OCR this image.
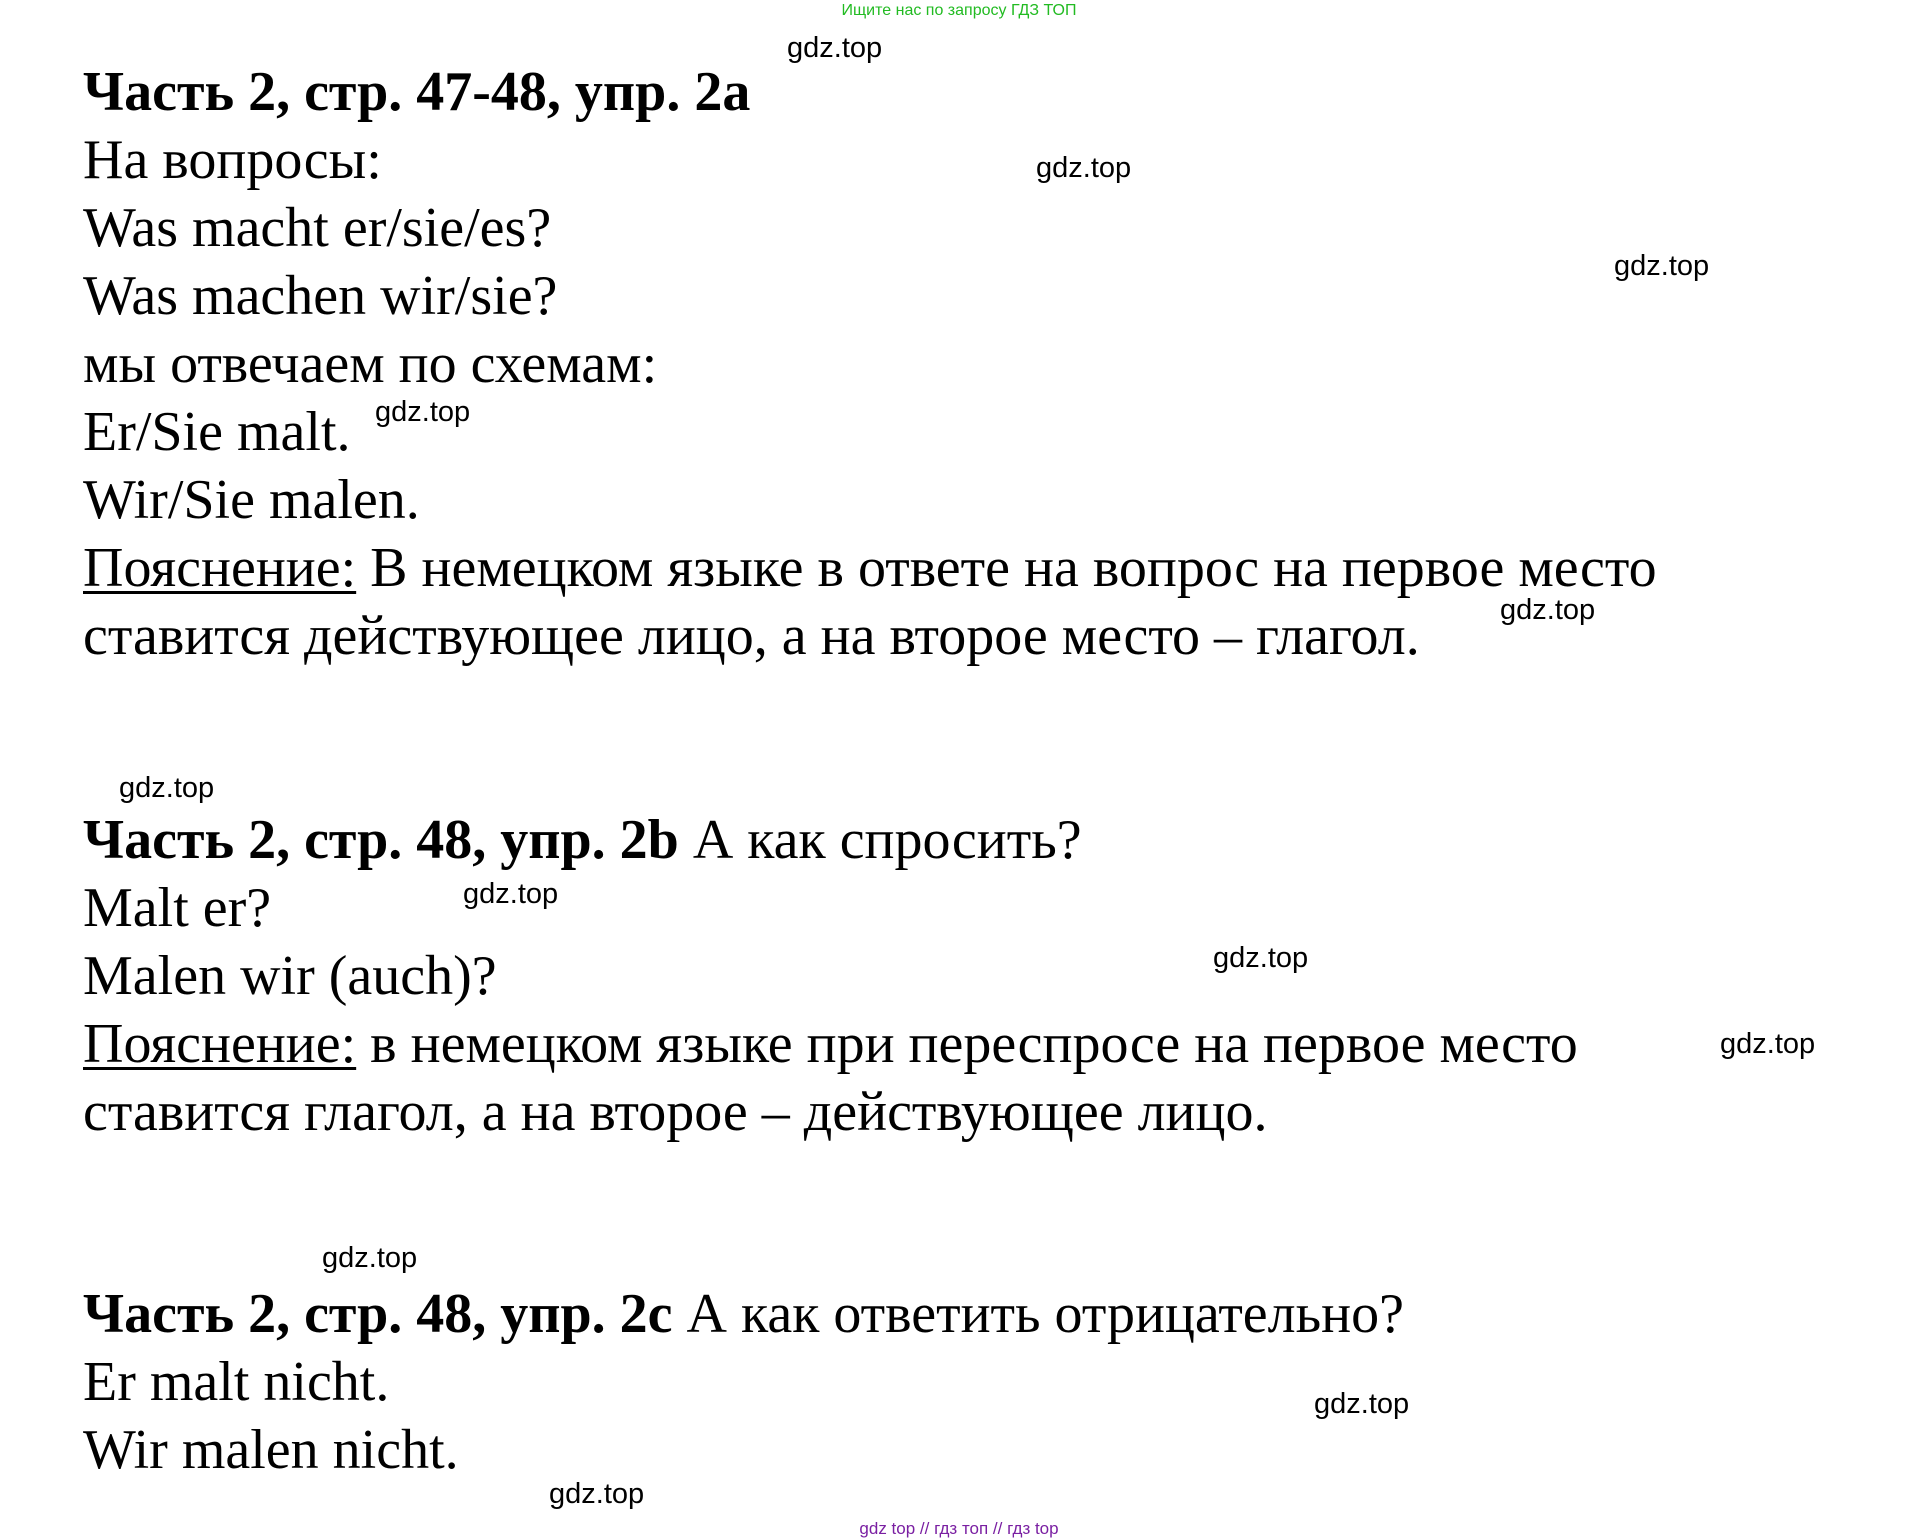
Ищите нас по запросу ГДЗ ТОП
Часть 2, стр. 47-48, упр. 2а
На вопросы:
Was macht er/sie/es?
Was machen wir/sie?
мы отвечаем по схемам:
Er/Sie malt.
Wir/Sie malen.
Пояснение: В немецком языке в ответе на вопрос на первое место
ставится действующее лицо, а на второе место – глагол.
Часть 2, стр. 48, упр. 2b А как спросить?
Malt er?
Malen wir (auch)?
Пояснение: в немецком языке при переспросе на первое место
ставится глагол, а на второе – действующее лицо.
Часть 2, стр. 48, упр. 2c А как ответить отрицательно?
Er malt nicht.
Wir malen nicht.
gdz.top
gdz.top
gdz.top
gdz.top
gdz.top
gdz.top
gdz.top
gdz.top
gdz.top
gdz.top
gdz.top
gdz.top
gdz top // гдз топ // гдз top
